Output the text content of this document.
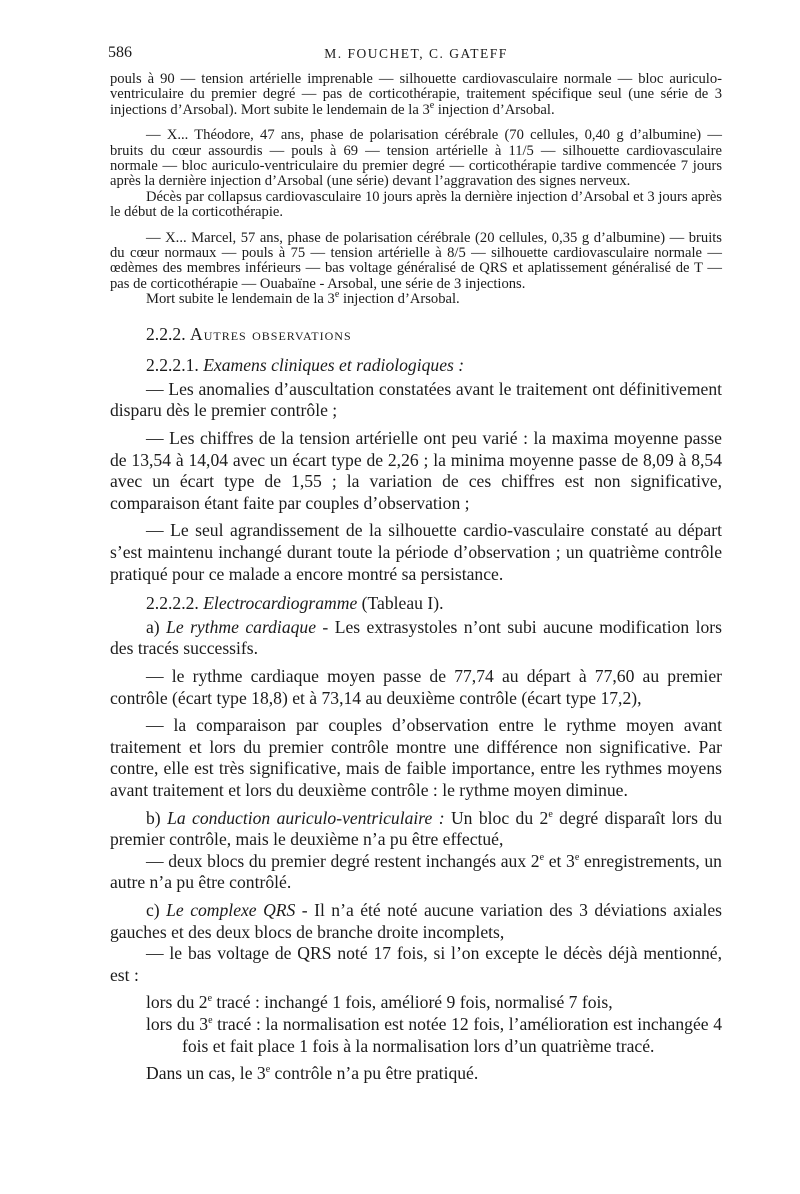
586	M. FOUCHET, C. GATEFF

pouls à 90 — tension artérielle imprenable — silhouette cardiovasculaire normale — bloc auriculo-ventriculaire du premier degré — pas de corticothérapie, traitement spécifique seul (une série de 3 injections d’Arsobal). Mort subite le lendemain de la 3e injection d’Arsobal.

— X... Théodore, 47 ans, phase de polarisation cérébrale (70 cellules, 0,40 g d’albumine) — bruits du cœur assourdis — pouls à 69 — tension artérielle à 11/5 — silhouette cardiovasculaire normale — bloc auriculo-ventriculaire du premier degré — corticothérapie tardive commencée 7 jours après la dernière injection d’Arsobal (une série) devant l’aggravation des signes nerveux.

Décès par collapsus cardiovasculaire 10 jours après la dernière injection d’Arsobal et 3 jours après le début de la corticothérapie.

— X... Marcel, 57 ans, phase de polarisation cérébrale (20 cellules, 0,35 g d’albumine) — bruits du cœur normaux — pouls à 75 — tension artérielle à 8/5 — silhouette cardiovasculaire normale — œdèmes des membres inférieurs — bas voltage généralisé de QRS et aplatissement généralisé de T — pas de corticothérapie — Ouabaïne - Arsobal, une série de 3 injections.

Mort subite le lendemain de la 3e injection d’Arsobal.

2.2.2. Autres observations
2.2.2.1. Examens cliniques et radiologiques :

— Les anomalies d’auscultation constatées avant le traitement ont définitivement disparu dès le premier contrôle ;

— Les chiffres de la tension artérielle ont peu varié : la maxima moyenne passe de 13,54 à 14,04 avec un écart type de 2,26 ; la minima moyenne passe de 8,09 à 8,54 avec un écart type de 1,55 ; la variation de ces chiffres est non significative, comparaison étant faite par couples d’observation ;

— Le seul agrandissement de la silhouette cardio-vasculaire constaté au départ s’est maintenu inchangé durant toute la période d’observation ; un quatrième contrôle pratiqué pour ce malade a encore montré sa persistance.

2.2.2.2. Electrocardiogramme (Tableau I).

a) Le rythme cardiaque - Les extrasystoles n’ont subi aucune modification lors des tracés successifs.

— le rythme cardiaque moyen passe de 77,74 au départ à 77,60 au premier contrôle (écart type 18,8) et à 73,14 au deuxième contrôle (écart type 17,2),

— la comparaison par couples d’observation entre le rythme moyen avant traitement et lors du premier contrôle montre une différence non significative. Par contre, elle est très significative, mais de faible importance, entre les rythmes moyens avant traitement et lors du deuxième contrôle : le rythme moyen diminue.

b) La conduction auriculo-ventriculaire : Un bloc du 2e degré disparaît lors du premier contrôle, mais le deuxième n’a pu être effectué,

— deux blocs du premier degré restent inchangés aux 2e et 3e enregistrements, un autre n’a pu être contrôlé.

c) Le complexe QRS - Il n’a été noté aucune variation des 3 déviations axiales gauches et des deux blocs de branche droite incomplets,

— le bas voltage de QRS noté 17 fois, si l’on excepte le décès déjà mentionné, est :

lors du 2e tracé : inchangé 1 fois, amélioré 9 fois, normalisé 7 fois,

lors du 3e tracé : la normalisation est notée 12 fois, l’amélioration est inchangée 4 fois et fait place 1 fois à la normalisation lors d’un quatrième tracé.

Dans un cas, le 3e contrôle n’a pu être pratiqué.
